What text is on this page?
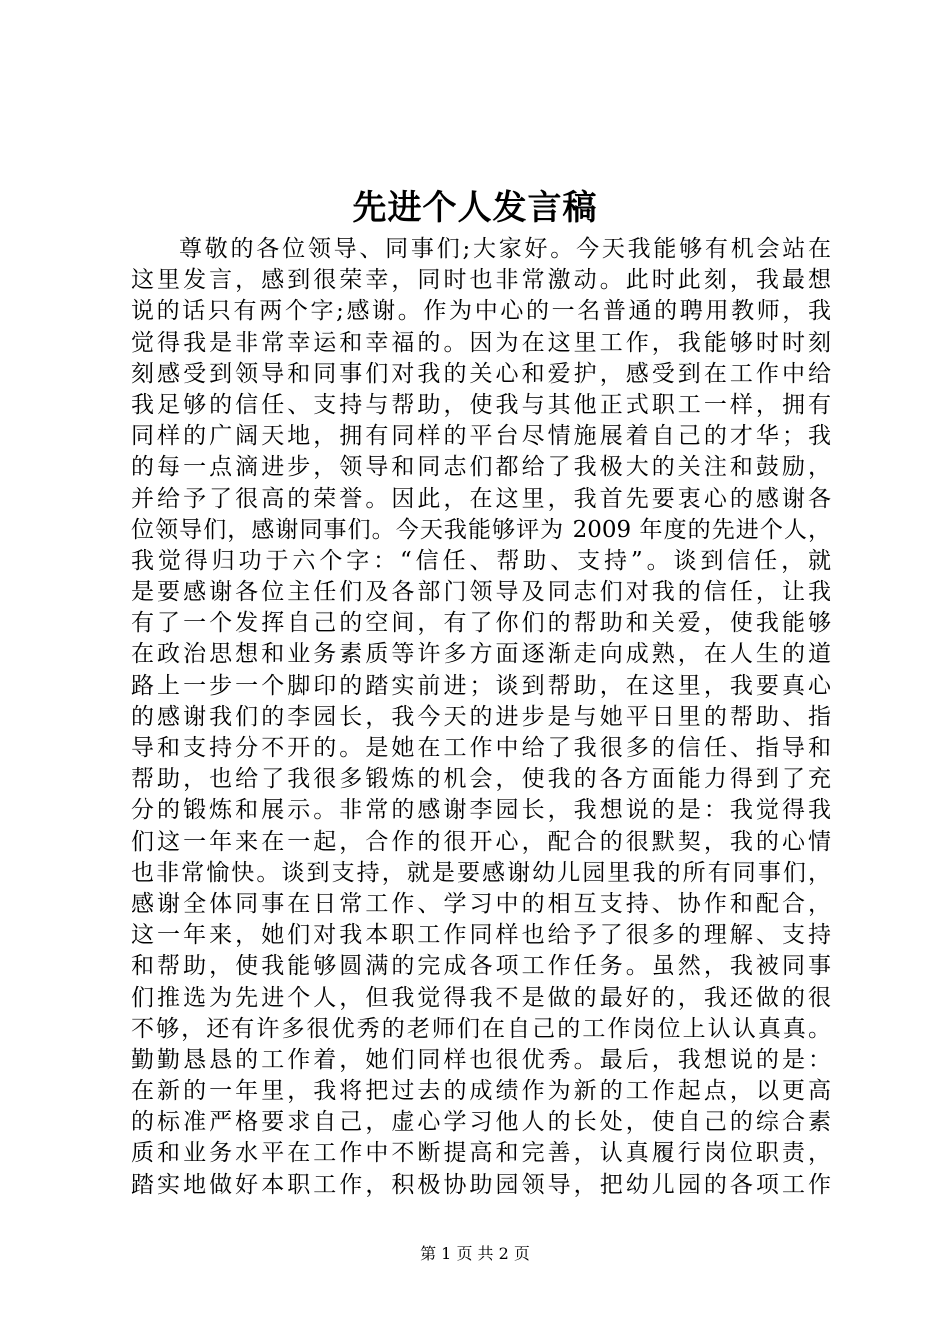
先进个人发言稿
尊敬的各位领导、同事们;大家好。今天我能够有机会站在
这里发言，感到很荣幸，同时也非常激动。此时此刻，我最想
说的话只有两个字;感谢。作为中心的一名普通的聘用教师，我
觉得我是非常幸运和幸福的。因为在这里工作，我能够时时刻
刻感受到领导和同事们对我的关心和爱护，感受到在工作中给
我足够的信任、支持与帮助，使我与其他正式职工一样，拥有
同样的广阔天地，拥有同样的平台尽情施展着自己的才华；我
的每一点滴进步，领导和同志们都给了我极大的关注和鼓励，
并给予了很高的荣誉。因此，在这里，我首先要衷心的感谢各
位领导们，感谢同事们。今天我能够评为 2009 年度的先进个人，
我觉得归功于六个字：“信任、帮助、支持”。谈到信任，就
是要感谢各位主任们及各部门领导及同志们对我的信任，让我
有了一个发挥自己的空间，有了你们的帮助和关爱，使我能够
在政治思想和业务素质等许多方面逐渐走向成熟，在人生的道
路上一步一个脚印的踏实前进；谈到帮助，在这里，我要真心
的感谢我们的李园长，我今天的进步是与她平日里的帮助、指
导和支持分不开的。是她在工作中给了我很多的信任、指导和
帮助，也给了我很多锻炼的机会，使我的各方面能力得到了充
分的锻炼和展示。非常的感谢李园长，我想说的是：我觉得我
们这一年来在一起，合作的很开心，配合的很默契，我的心情
也非常愉快。谈到支持，就是要感谢幼儿园里我的所有同事们，
感谢全体同事在日常工作、学习中的相互支持、协作和配合，
这一年来，她们对我本职工作同样也给予了很多的理解、支持
和帮助，使我能够圆满的完成各项工作任务。虽然，我被同事
们推选为先进个人，但我觉得我不是做的最好的，我还做的很
不够，还有许多很优秀的老师们在自己的工作岗位上认认真真。
勤勤恳恳的工作着，她们同样也很优秀。最后，我想说的是：
在新的一年里，我将把过去的成绩作为新的工作起点，以更高
的标准严格要求自己，虚心学习他人的长处，使自己的综合素
质和业务水平在工作中不断提高和完善，认真履行岗位职责，
踏实地做好本职工作，积极协助园领导，把幼儿园的各项工作
第 1 页 共 2 页
